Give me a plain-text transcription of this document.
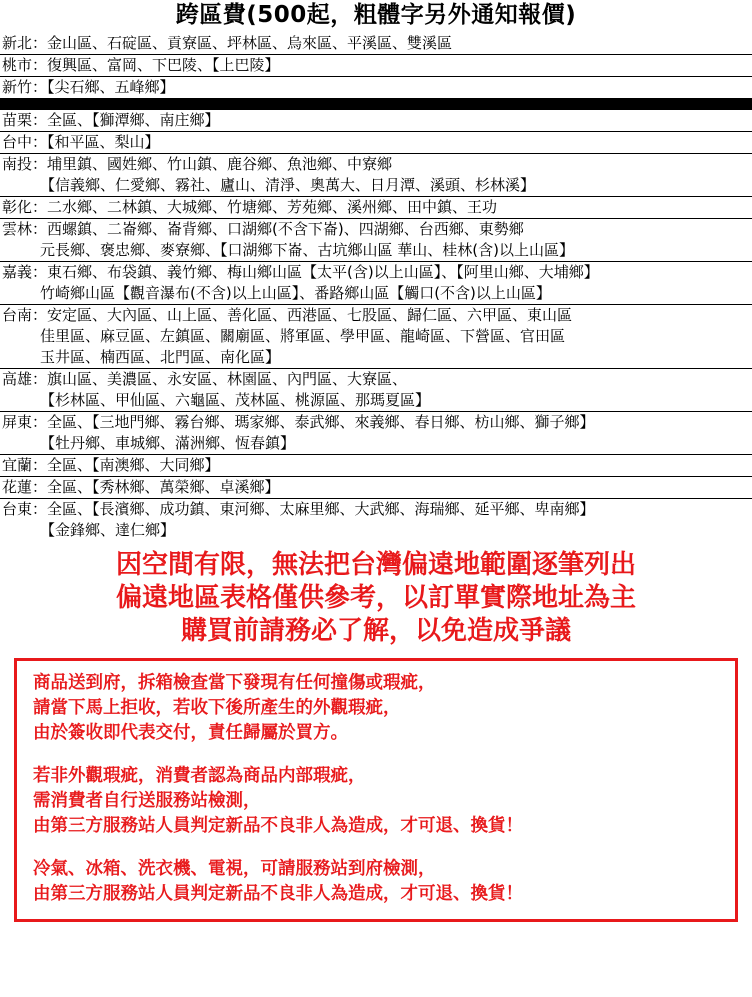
跨區費(500起，粗體字另外通知報價)
新北：金山區、石碇區、貢寮區、坪林區、烏來區、平溪區、雙溪區
桃市：復興區、富岡、下巴陵、【上巴陵】
新竹：【尖石鄉、五峰鄉】
苗栗：全區、【獅潭鄉、南庄鄉】
台中：【和平區、梨山】
南投：埔里鎮、國姓鄉、竹山鎮、鹿谷鄉、魚池鄉、中寮鄉
【信義鄉、仁愛鄉、霧社、廬山、清淨、奧萬大、日月潭、溪頭、杉林溪】
彰化：二水鄉、二林鎮、大城鄉、竹塘鄉、芳苑鄉、溪州鄉、田中鎮、王功
雲林：西螺鎮、二崙鄉、崙背鄉、口湖鄉(不含下崙)、四湖鄉、台西鄉、東勢鄉
元長鄉、褒忠鄉、麥寮鄉、【口湖鄉下崙、古坑鄉山區 華山、桂林(含)以上山區】
嘉義：東石鄉、布袋鎮、義竹鄉、梅山鄉山區【太平(含)以上山區】、【阿里山鄉、大埔鄉】
竹崎鄉山區【觀音瀑布(不含)以上山區】、番路鄉山區【觸口(不含)以上山區】
台南：安定區、大內區、山上區、善化區、西港區、七股區、歸仁區、六甲區、東山區
佳里區、麻豆區、左鎮區、關廟區、將軍區、學甲區、龍崎區、下營區、官田區
玉井區、楠西區、北門區、南化區】
高雄：旗山區、美濃區、永安區、林園區、內門區、大寮區、
【杉林區、甲仙區、六龜區、茂林區、桃源區、那瑪夏區】
屏東：全區、【三地門鄉、霧台鄉、瑪家鄉、泰武鄉、來義鄉、春日鄉、枋山鄉、獅子鄉】
【牡丹鄉、車城鄉、滿洲鄉、恆春鎮】
宜蘭：全區、【南澳鄉、大同鄉】
花蓮：全區、【秀林鄉、萬榮鄉、卓溪鄉】
台東：全區、【長濱鄉、成功鎮、東河鄉、太麻里鄉、大武鄉、海瑞鄉、延平鄉、卑南鄉】
【金鋒鄉、達仁鄉】
因空間有限，無法把台灣偏遠地範圍逐筆列出
偏遠地區表格僅供參考，以訂單實際地址為主
購買前請務必了解，以免造成爭議

商品送到府，拆箱檢查當下發現有任何撞傷或瑕疵，

請當下馬上拒收，若收下後所產生的外觀瑕疵，

由於簽收即代表交付，責任歸屬於買方。

若非外觀瑕疵，消費者認為商品内部瑕疵，

需消費者自行送服務站檢測，

由第三方服務站人員判定新品不良非人為造成，才可退、換貨！

冷氣、冰箱、洗衣機、電視，可請服務站到府檢測，

由第三方服務站人員判定新品不良非人為造成，才可退、換貨！
